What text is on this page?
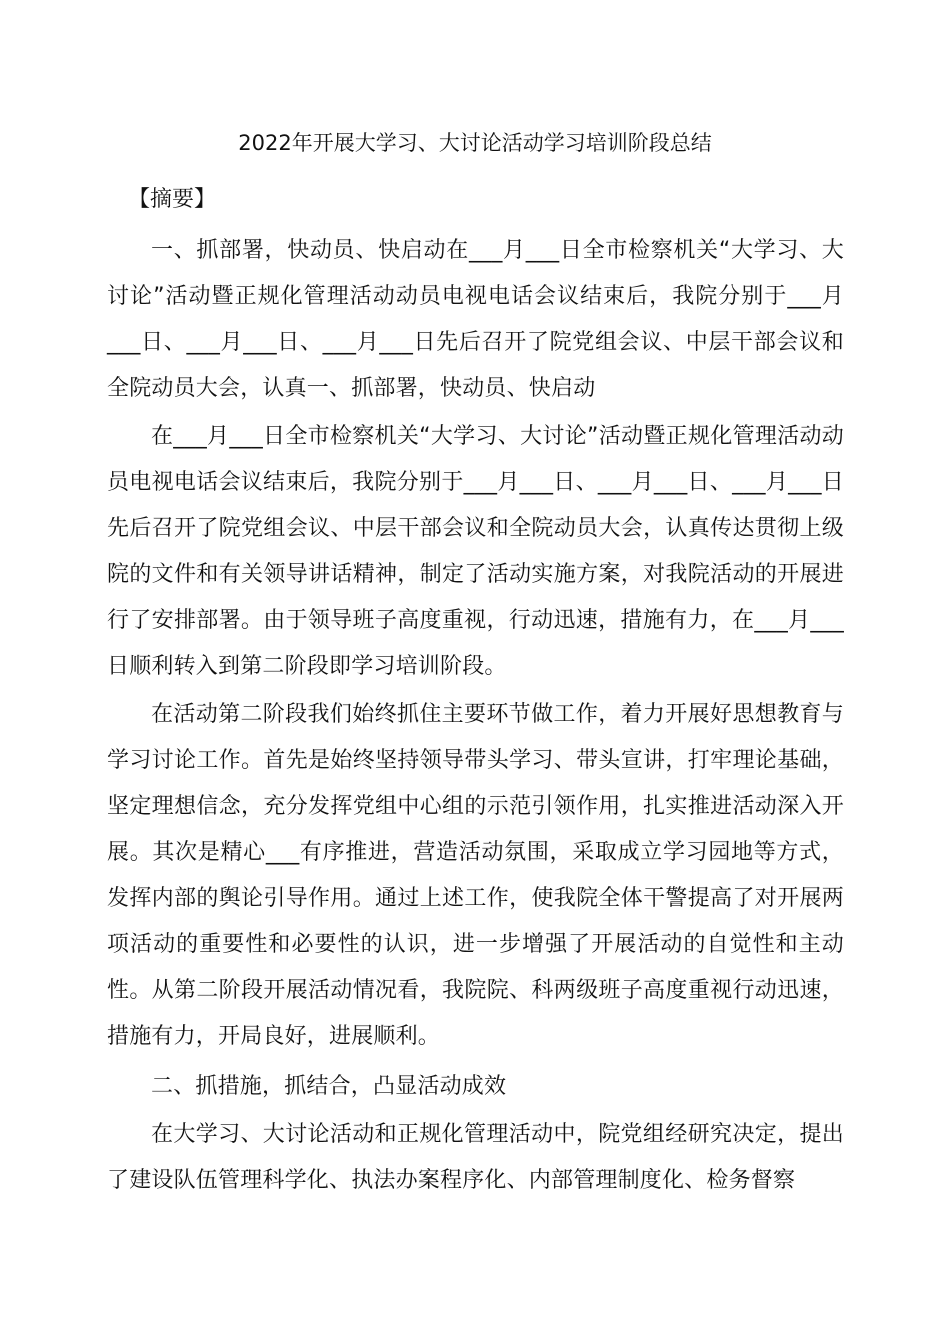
2022年开展大学习、大讨论活动学习培训阶段总结

【摘要】

一、抓部署，快动员、快启动在___月___日全市检察机关“大学习、大讨论”活动暨正规化管理活动动员电视电话会议结束后，我院分别于___月___日、___月___日、___月___日先后召开了院党组会议、中层干部会议和全院动员大会，认真一、抓部署，快动员、快启动

在___月___日全市检察机关“大学习、大讨论”活动暨正规化管理活动动员电视电话会议结束后，我院分别于___月___日、___月___日、___月___日先后召开了院党组会议、中层干部会议和全院动员大会，认真传达贯彻上级院的文件和有关领导讲话精神，制定了活动实施方案，对我院活动的开展进行了安排部署。由于领导班子高度重视，行动迅速，措施有力，在___月___日顺利转入到第二阶段即学习培训阶段。

在活动第二阶段我们始终抓住主要环节做工作，着力开展好思想教育与学习讨论工作。首先是始终坚持领导带头学习、带头宣讲，打牢理论基础，坚定理想信念，充分发挥党组中心组的示范引领作用，扎实推进活动深入开展。其次是精心___有序推进，营造活动氛围，采取成立学习园地等方式，发挥内部的舆论引导作用。通过上述工作，使我院全体干警提高了对开展两项活动的重要性和必要性的认识，进一步增强了开展活动的自觉性和主动性。从第二阶段开展活动情况看，我院院、科两级班子高度重视行动迅速，措施有力，开局良好，进展顺利。

二、抓措施，抓结合，凸显活动成效

在大学习、大讨论活动和正规化管理活动中，院党组经研究决定，提出了建设队伍管理科学化、执法办案程序化、内部管理制度化、检务督察
